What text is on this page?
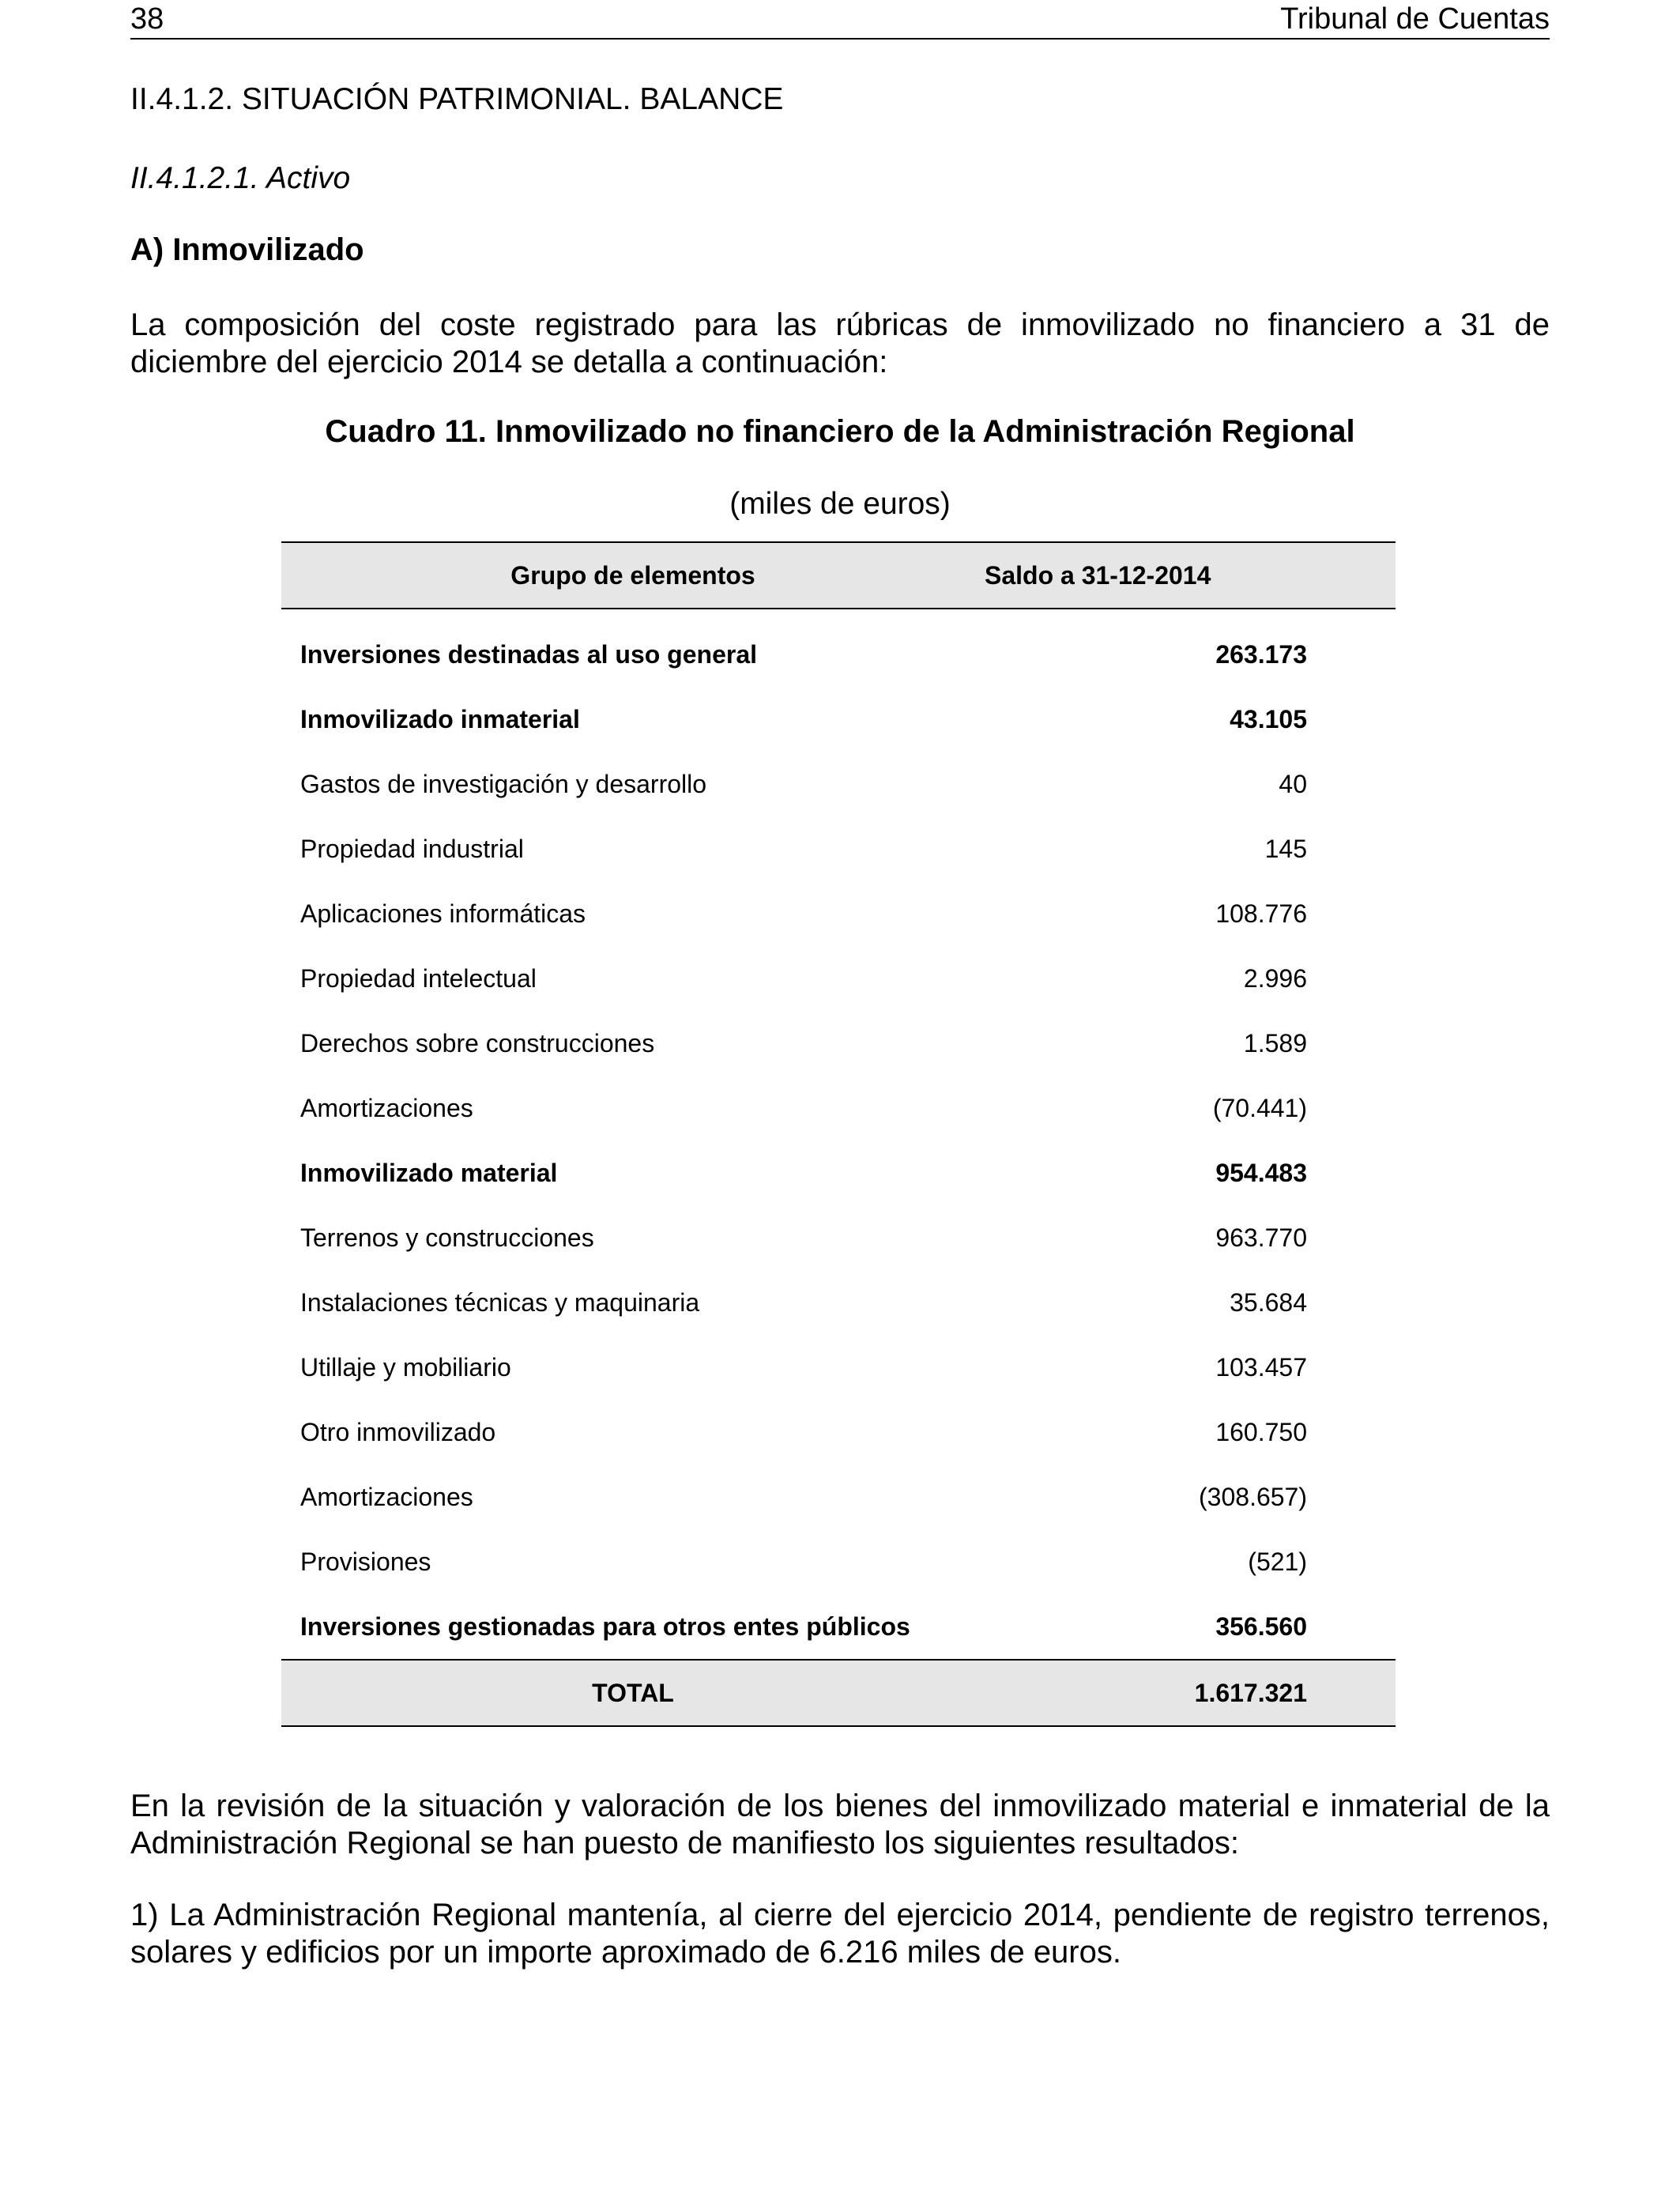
38	Tribunal de Cuentas
II.4.1.2. SITUACIÓN PATRIMONIAL. BALANCE
II.4.1.2.1. Activo
A) Inmovilizado
La composición del coste registrado para las rúbricas de inmovilizado no financiero a 31 de diciembre del ejercicio 2014 se detalla a continuación:
Cuadro 11. Inmovilizado no financiero de la Administración Regional
(miles de euros)
Grupo de elementos	Saldo a 31-12-2014

Inversiones destinadas al uso general	263.173
Inmovilizado inmaterial	43.105
Gastos de investigación y desarrollo	40
Propiedad industrial	145
Aplicaciones informáticas	108.776
Propiedad intelectual	2.996
Derechos sobre construcciones	1.589
Amortizaciones	(70.441)
Inmovilizado material	954.483
Terrenos y construcciones	963.770
Instalaciones técnicas y maquinaria	35.684
Utillaje y mobiliario	103.457
Otro inmovilizado	160.750
Amortizaciones	(308.657)
Provisiones	(521)
Inversiones gestionadas para otros entes públicos	356.560
TOTAL	1.617.321
En la revisión de la situación y valoración de los bienes del inmovilizado material e inmaterial de la Administración Regional se han puesto de manifiesto los siguientes resultados:
1) La Administración Regional mantenía, al cierre del ejercicio 2014, pendiente de registro terrenos, solares y edificios por un importe aproximado de 6.216 miles de euros.
